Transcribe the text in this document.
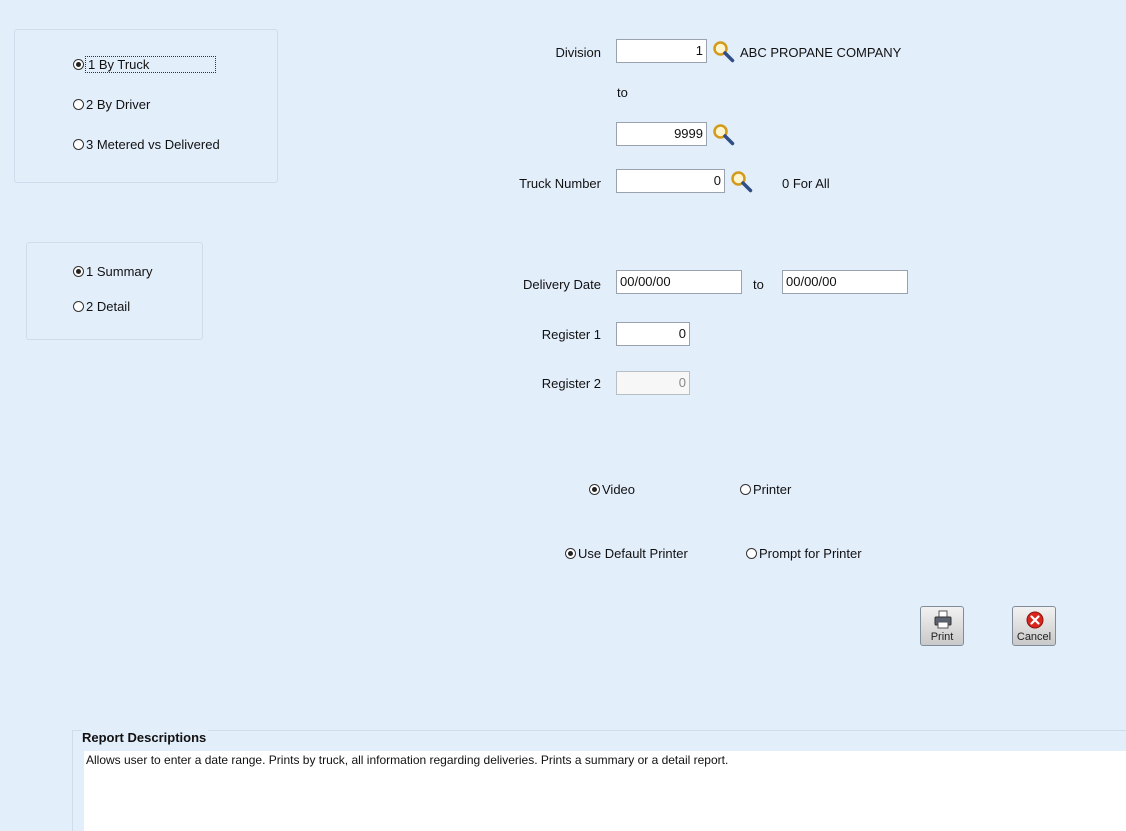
1 By Truck
2 By Driver
3 Metered vs Delivered
1 Summary
2 Detail
Division	1	ABC PROPANE COMPANY
to
9999
Truck Number	0	0 For All
Delivery Date	00/00/00	to	00/00/00
Register 1	0
Register 2	0
Video	Printer
Use Default Printer	Prompt for Printer
Print	Cancel
Report Descriptions
Allows user to enter a date range. Prints by truck, all information regarding deliveries. Prints a summary or a detail report.
